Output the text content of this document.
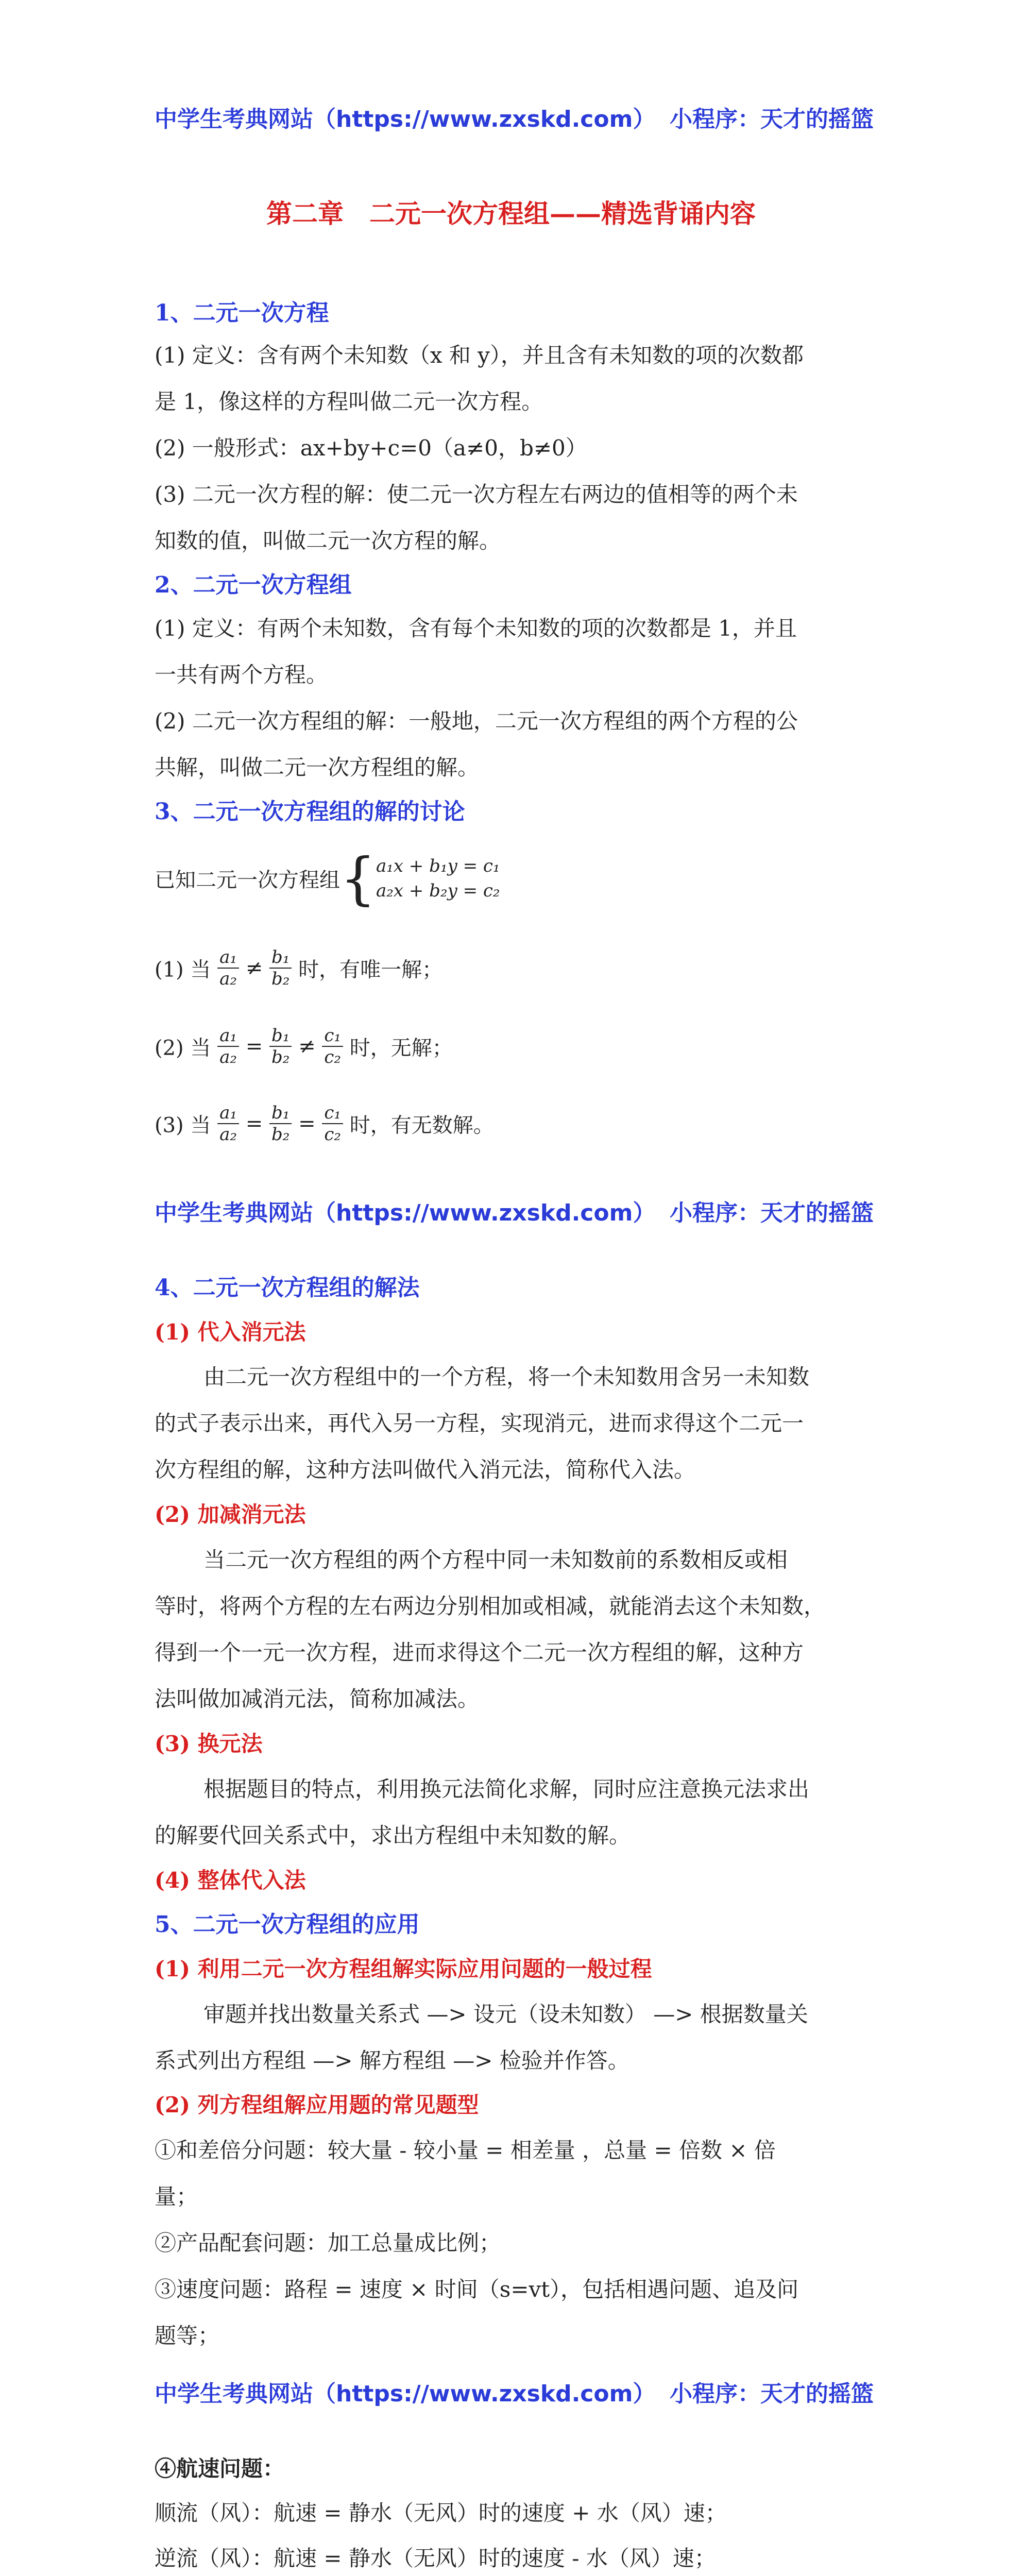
中学生考典网站（https://www.zxskd.com） 小程序：天才的摇篮
第二章　二元一次方程组——精选背诵内容
1、二元一次方程
(1) 定义：含有两个未知数（x 和 y），并且含有未知数的项的次数都
是 1，像这样的方程叫做二元一次方程。
(2) 一般形式：ax+by+c=0（a≠0，b≠0）
(3) 二元一次方程的解：使二元一次方程左右两边的值相等的两个未
知数的值，叫做二元一次方程的解。
2、二元一次方程组
(1) 定义：有两个未知数，含有每个未知数的项的次数都是 1，并且
一共有两个方程。
(2) 二元一次方程组的解：一般地，二元一次方程组的两个方程的公
共解，叫做二元一次方程组的解。
3、二元一次方程组的解的讨论
已知二元一次方程组{ a₁x + b₁y = c₁
a₂x + b₂y = c₂
(1) 当 $\frac{\text{a₁}}{\text{a₂}} \ne \frac{\text{b₁}}{\text{b₂}}$ 时，有唯一解；
(2) 当 $\frac{\text{a₁}}{\text{a₂}} = \frac{\text{b₁}}{\text{b₂}} \ne \frac{\text{c₁}}{\text{c₂}}$ 时，无解；
(3) 当 $\frac{\text{a₁}}{\text{a₂}} = \frac{\text{b₁}}{\text{b₂}} = \frac{\text{c₁}}{\text{c₂}}$ 时，有无数解。
中学生考典网站（https://www.zxskd.com） 小程序：天才的摇篮
4、二元一次方程组的解法
(1) 代入消元法
由二元一次方程组中的一个方程，将一个未知数用含另一未知数
的式子表示出来，再代入另一方程，实现消元，进而求得这个二元一
次方程组的解，这种方法叫做代入消元法，简称代入法。
(2) 加减消元法
当二元一次方程组的两个方程中同一未知数前的系数相反或相
等时，将两个方程的左右两边分别相加或相减，就能消去这个未知数，
得到一个一元一次方程，进而求得这个二元一次方程组的解，这种方
法叫做加减消元法，简称加减法。
(3) 换元法
根据题目的特点，利用换元法简化求解，同时应注意换元法求出
的解要代回关系式中，求出方程组中未知数的解。
(4) 整体代入法
5、二元一次方程组的应用
(1) 利用二元一次方程组解实际应用问题的一般过程
审题并找出数量关系式 —> 设元（设未知数） —> 根据数量关
系式列出方程组 —> 解方程组 —> 检验并作答。
(2) 列方程组解应用题的常见题型
①和差倍分问题：较大量 - 较小量 = 相差量 ，总量 = 倍数 × 倍
量；
②产品配套问题：加工总量成比例；
③速度问题：路程 = 速度 × 时间（s=vt），包括相遇问题、追及问
题等；
中学生考典网站（https://www.zxskd.com） 小程序：天才的摇篮
④航速问题：
顺流（风）：航速 = 静水（无风）时的速度 + 水（风）速；
逆流（风）：航速 = 静水（无风）时的速度 - 水（风）速；
